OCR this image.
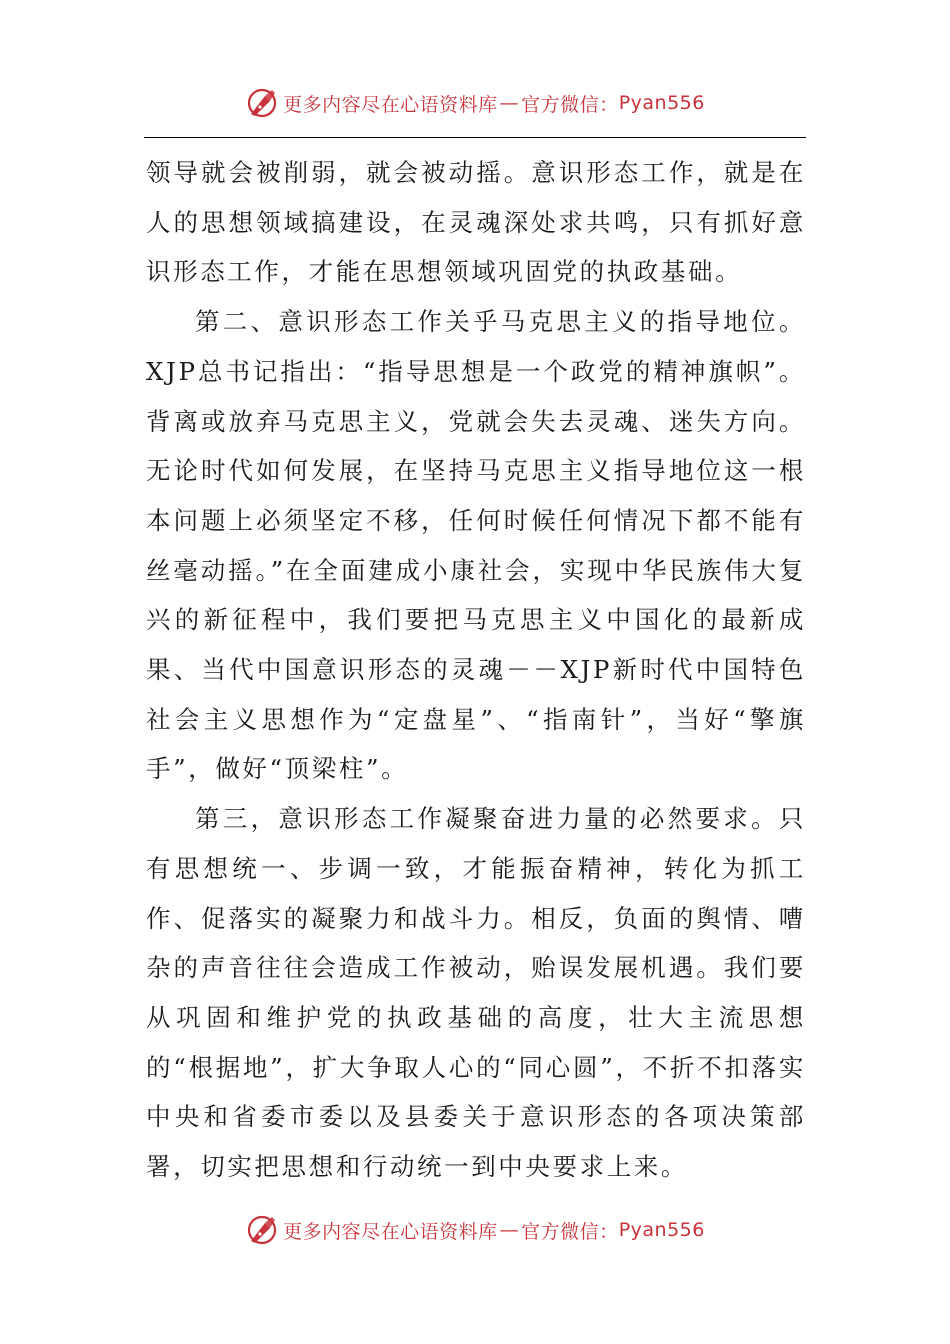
更多内容尽在心语资料库 — 官方微信： Pyan556

领导就会被削弱，就会被动摇。意识形态工作，就是在人的思想领域搞建设，在灵魂深处求共鸣，只有抓好意识形态工作，才能在思想领域巩固党的执政基础。

第二、意识形态工作关乎马克思主义的指导地位。XJP总书记指出：“指导思想是一个政党的精神旗帜”。背离或放弃马克思主义，党就会失去灵魂、迷失方向。无论时代如何发展，在坚持马克思主义指导地位这一根本问题上必须坚定不移，任何时候任何情况下都不能有丝毫动摇。”在全面建成小康社会，实现中华民族伟大复兴的新征程中，我们要把马克思主义中国化的最新成果、当代中国意识形态的灵魂－－XJP新时代中国特色社会主义思想作为“定盘星”、“指南针”，当好“擎旗手”，做好“顶梁柱”。

第三，意识形态工作凝聚奋进力量的必然要求。只有思想统一、步调一致，才能振奋精神，转化为抓工作、促落实的凝聚力和战斗力。相反，负面的舆情、嘈杂的声音往往会造成工作被动，贻误发展机遇。我们要从巩固和维护党的执政基础的高度，壮大主流思想的“根据地”，扩大争取人心的“同心圆”，不折不扣落实中央和省委市委以及县委关于意识形态的各项决策部署，切实把思想和行动统一到中央要求上来。

更多内容尽在心语资料库 — 官方微信： Pyan556
